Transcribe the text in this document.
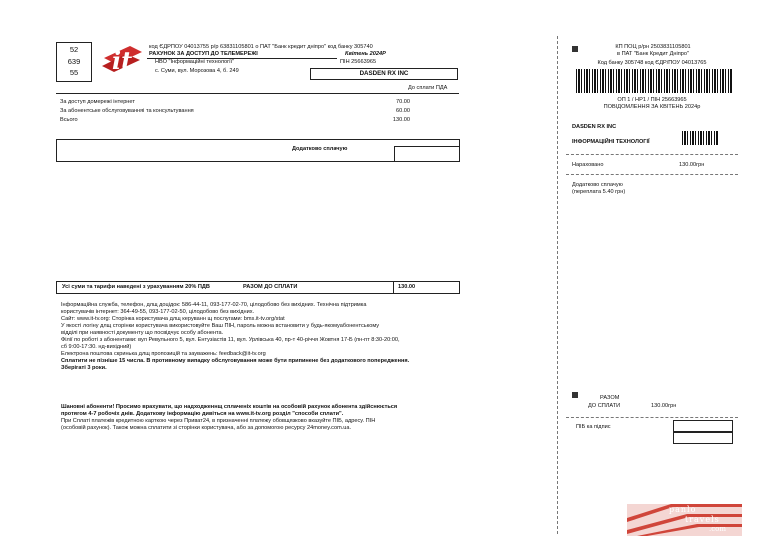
52
639
55	it	код ЄДРПОУ 04013755 р/р 63831105801 о ПАТ "Банк кредит дніпро" код банку 305740
РАХУНОК ЗА ДОСТУП ДО ТЕЛЕМЕРЕЖІ	Квітень 2024Р
НВО "Інформаційні технології"	ПІН 25663965
с. Суми, вул. Морозова 4, б. 249	DASDEN RX INC
До сплати ПДА
За доступ домережі інтернет	70.00
За абонентське обслуговуванняі та консультування	60.00
Всього	130.00
Додатково сплачую
Усі суми та тарифи наведені з урахуванням 20% ПДВ	РАЗОМ ДО СПЛАТИ	130.00
Інформаційна служба, телефон, длщ доцідок: 586-44-11, 093-177-02-70, цілодобово без вихідних. Технічна підтримка
користувачів інтернет: 364-49-55, 093-177-02-50, цілодобово без вихідних.
Сайт: www.it-tv.org: Сторінка користувача длщ керуванн щ послугами: bms.it-tv.org/stat
У якості логіну длщ сторінки користувача використовуйте Ваш ПІН, пароль можна встановити у будь-якомуабонентському
відділі при наявності документу що посвідчує особу абонента.
Філії по роботі з абонентами: вул Ревульного 5, вул. Ентузіастів 11, вул. Урлівська 40, пр-т 40-річчя Жовтня 17-Б (пн-пт 8:30-20:00,
сб 9:00-17:30. нд-вихідний)
Електрона поштова скринька длщ пропозицій та зауважень: feedback@it-tv.org
Сплатити не пізніше 15 числа. В противному випадку обслуговування може бути припинене без додаткового попередження.
Зберігаті 3 роки.
Шановні абоненти! Просимо врахувати, що надходженнщ сплаченіх коштів на особовій рахунок абонента здійснюється
протягом 4-7 робочіх днів. Додаткову інформацію дивіться на www.it-tv.org розділ "способи сплати".
При Сплаті платежів кредитною карткою через Приват24, в призначенні платежу обовщязково вказуйте ПІБ, адресу. ПІН
(особовій рахунок). Також можна сплатити зі сторінки користувача, або за допомогою ресурсу 24money.com.ua.
КП ПОЦ р/рн 2503831105801
в ПАТ "Банк Кредит Дніпро"
Код банку 305748 код ЄДР/ПОУ 04013765
ОП 1 / НР1 / ПІН 25663965
ПОВІДОМЛЕННЯ ЗА КВІТЕНЬ 2024р
DASDEN RX INC
ІНФОРМАЦІЙНІ ТЕХНОЛОГІЇ
Нараховано	130.00грн
Додатково сплачую
(переплата 5.40 грн)
РАЗОМ
ДО СПЛАТИ	130.00грн
ПІБ ка підпис
panlo
travels
.com
